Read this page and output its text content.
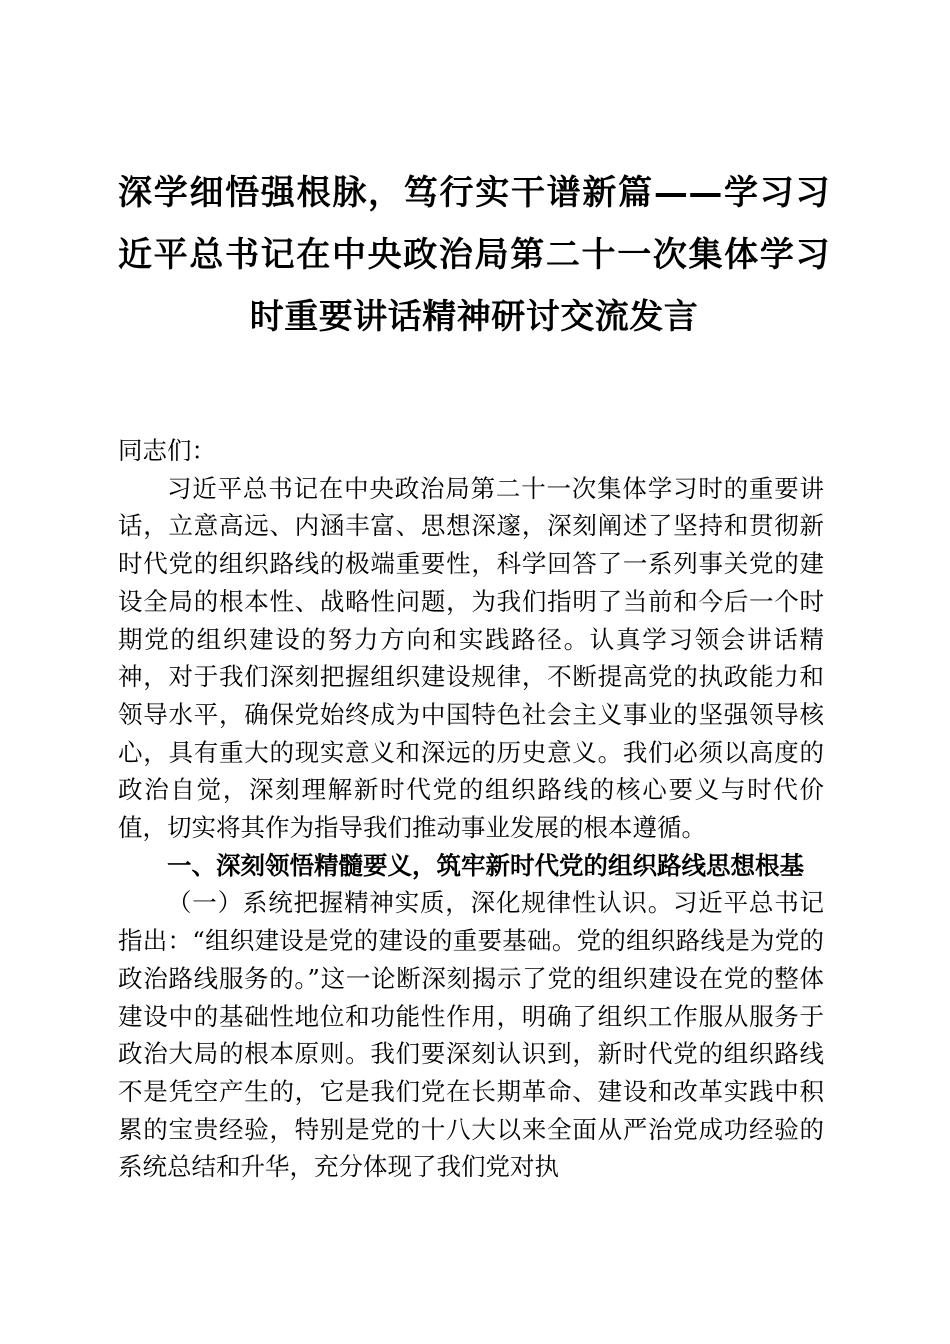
深学细悟强根脉，笃行实干谱新篇——学习习近平总书记在中央政治局第二十一次集体学习时重要讲话精神研讨交流发言

同志们：

习近平总书记在中央政治局第二十一次集体学习时的重要讲话，立意高远、内涵丰富、思想深邃，深刻阐述了坚持和贯彻新时代党的组织路线的极端重要性，科学回答了一系列事关党的建设全局的根本性、战略性问题，为我们指明了当前和今后一个时期党的组织建设的努力方向和实践路径。认真学习领会讲话精神，对于我们深刻把握组织建设规律，不断提高党的执政能力和领导水平，确保党始终成为中国特色社会主义事业的坚强领导核心，具有重大的现实意义和深远的历史意义。我们必须以高度的政治自觉，深刻理解新时代党的组织路线的核心要义与时代价值，切实将其作为指导我们推动事业发展的根本遵循。

一、深刻领悟精髓要义，筑牢新时代党的组织路线思想根基

（一）系统把握精神实质，深化规律性认识。习近平总书记指出：“组织建设是党的建设的重要基础。党的组织路线是为党的政治路线服务的。”这一论断深刻揭示了党的组织建设在党的整体建设中的基础性地位和功能性作用，明确了组织工作服从服务于政治大局的根本原则。我们要深刻认识到，新时代党的组织路线不是凭空产生的，它是我们党在长期革命、建设和改革实践中积累的宝贵经验，特别是党的十八大以来全面从严治党成功经验的系统总结和升华，充分体现了我们党对执
